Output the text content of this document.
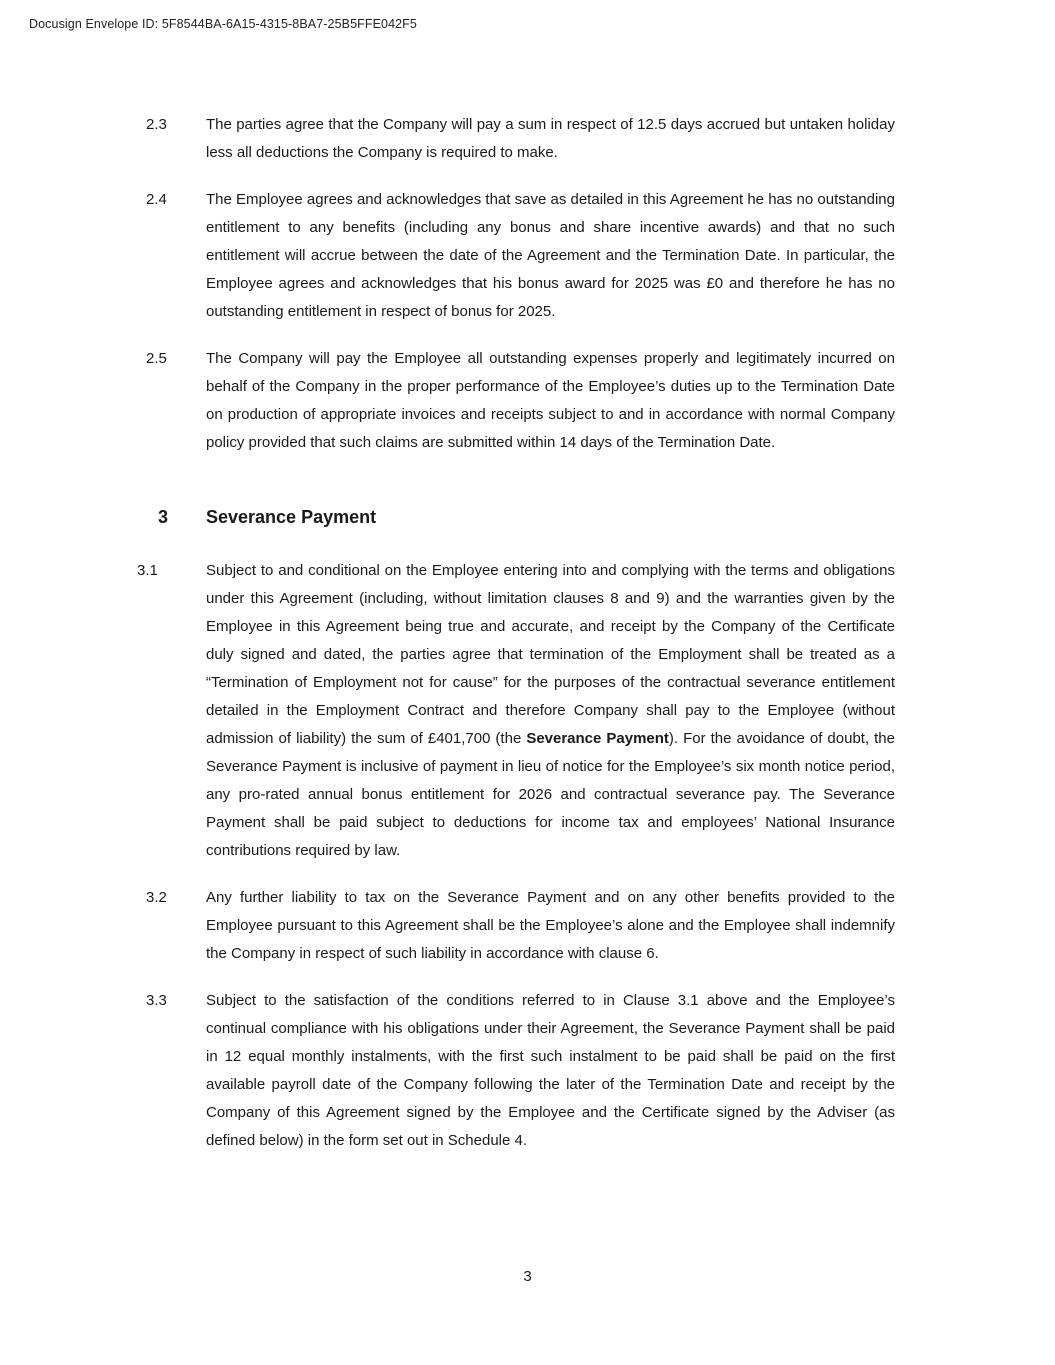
Docusign Envelope ID: 5F8544BA-6A15-4315-8BA7-25B5FFE042F5
2.3	The parties agree that the Company will pay a sum in respect of 12.5 days accrued but untaken holiday less all deductions the Company is required to make.
2.4	The Employee agrees and acknowledges that save as detailed in this Agreement he has no outstanding entitlement to any benefits (including any bonus and share incentive awards) and that no such entitlement will accrue between the date of the Agreement and the Termination Date. In particular, the Employee agrees and acknowledges that his bonus award for 2025 was £0 and therefore he has no outstanding entitlement in respect of bonus for 2025.
2.5	The Company will pay the Employee all outstanding expenses properly and legitimately incurred on behalf of the Company in the proper performance of the Employee’s duties up to the Termination Date on production of appropriate invoices and receipts subject to and in accordance with normal Company policy provided that such claims are submitted within 14 days of the Termination Date.
3 Severance Payment
3.1	Subject to and conditional on the Employee entering into and complying with the terms and obligations under this Agreement (including, without limitation clauses 8 and 9) and the warranties given by the Employee in this Agreement being true and accurate, and receipt by the Company of the Certificate duly signed and dated, the parties agree that termination of the Employment shall be treated as a “Termination of Employment not for cause” for the purposes of the contractual severance entitlement detailed in the Employment Contract and therefore Company shall pay to the Employee (without admission of liability) the sum of £401,700 (the Severance Payment). For the avoidance of doubt, the Severance Payment is inclusive of payment in lieu of notice for the Employee’s six month notice period, any pro-rated annual bonus entitlement for 2026 and contractual severance pay. The Severance Payment shall be paid subject to deductions for income tax and employees’ National Insurance contributions required by law.
3.2	Any further liability to tax on the Severance Payment and on any other benefits provided to the Employee pursuant to this Agreement shall be the Employee’s alone and the Employee shall indemnify the Company in respect of such liability in accordance with clause 6.
3.3	Subject to the satisfaction of the conditions referred to in Clause 3.1 above and the Employee’s continual compliance with his obligations under their Agreement, the Severance Payment shall be paid in 12 equal monthly instalments, with the first such instalment to be paid shall be paid on the first available payroll date of the Company following the later of the Termination Date and receipt by the Company of this Agreement signed by the Employee and the Certificate signed by the Adviser (as defined below) in the form set out in Schedule 4.
3
